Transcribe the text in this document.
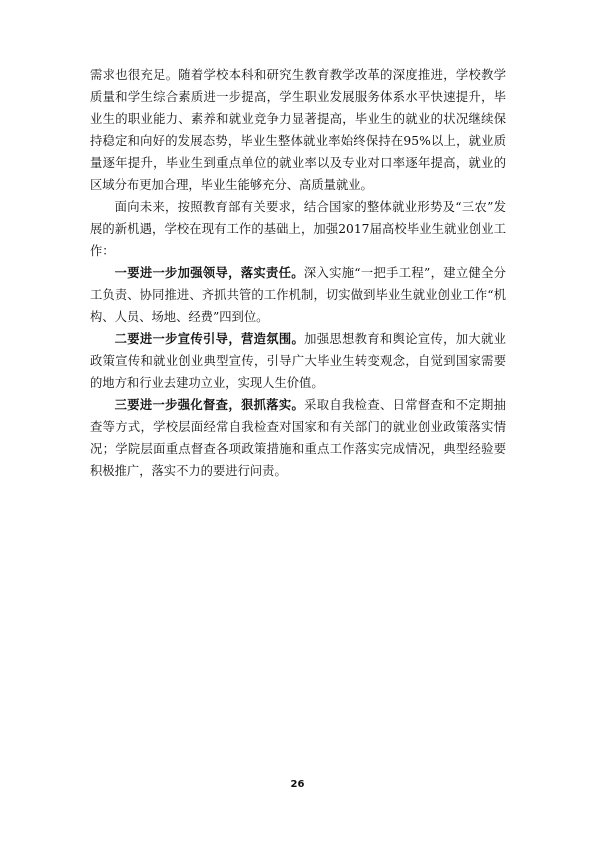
需求也很充足。随着学校本科和研究生教育教学改革的深度推进，学校教学质量和学生综合素质进一步提高，学生职业发展服务体系水平快速提升，毕业生的职业能力、素养和就业竞争力显著提高，毕业生的就业的状况继续保持稳定和向好的发展态势，毕业生整体就业率始终保持在95%以上，就业质量逐年提升，毕业生到重点单位的就业率以及专业对口率逐年提高，就业的区域分布更加合理，毕业生能够充分、高质量就业。

面向未来，按照教育部有关要求，结合国家的整体就业形势及“三农”发展的新机遇，学校在现有工作的基础上，加强2017届高校毕业生就业创业工作：

一要进一步加强领导，落实责任。深入实施“一把手工程”，建立健全分工负责、协同推进、齐抓共管的工作机制，切实做到毕业生就业创业工作“机构、人员、场地、经费”四到位。

二要进一步宣传引导，营造氛围。加强思想教育和舆论宣传，加大就业政策宣传和就业创业典型宣传，引导广大毕业生转变观念，自觉到国家需要的地方和行业去建功立业，实现人生价值。

三要进一步强化督查，狠抓落实。采取自我检查、日常督查和不定期抽查等方式，学校层面经常自我检查对国家和有关部门的就业创业政策落实情况；学院层面重点督查各项政策措施和重点工作落实完成情况，典型经验要积极推广，落实不力的要进行问责。

26
